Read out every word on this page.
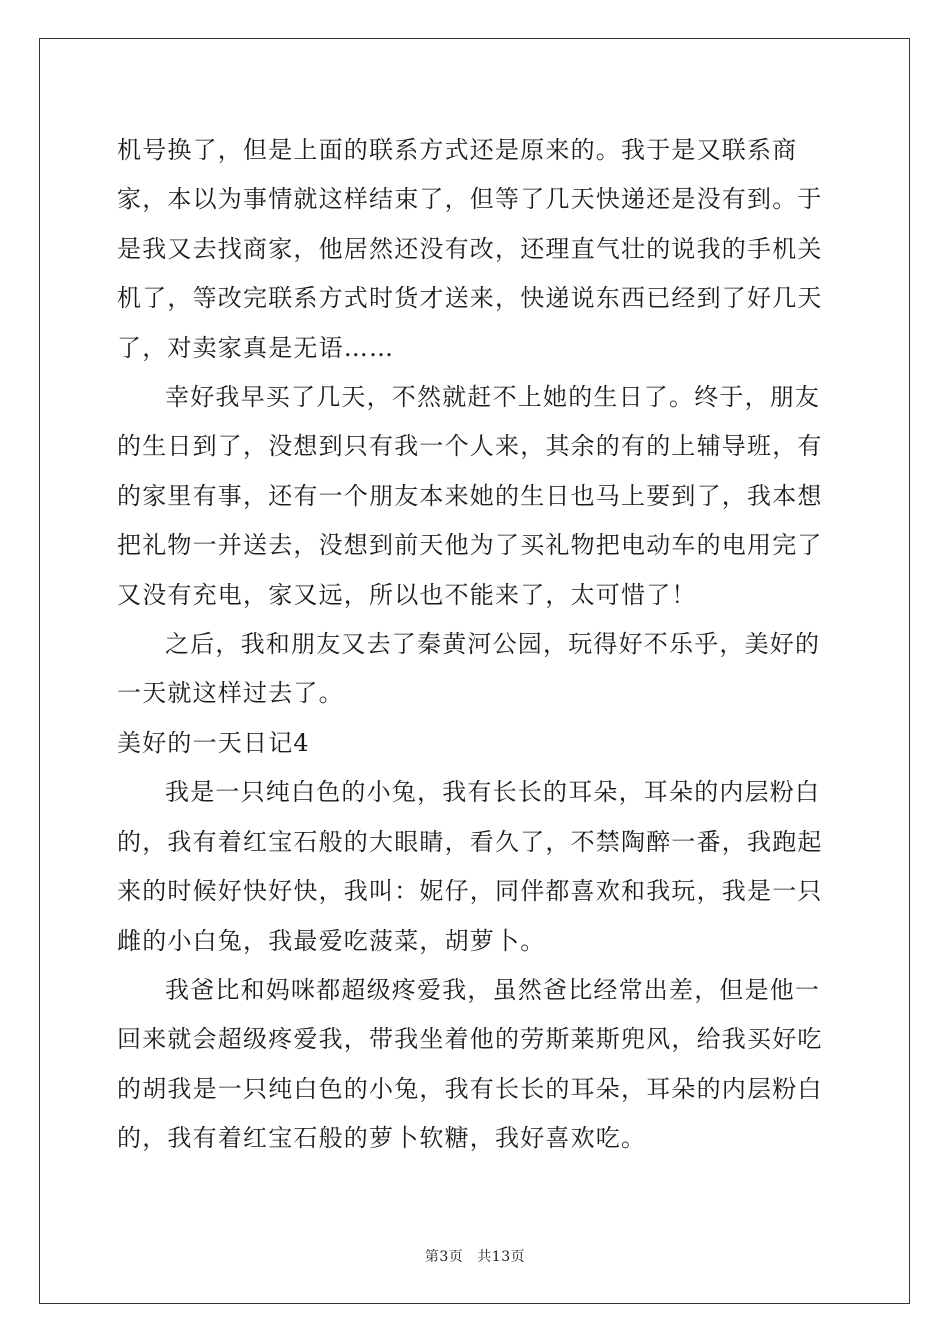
机号换了，但是上面的联系方式还是原来的。我于是又联系商家，本以为事情就这样结束了，但等了几天快递还是没有到。于是我又去找商家，他居然还没有改，还理直气壮的说我的手机关机了，等改完联系方式时货才送来，快递说东西已经到了好几天了，对卖家真是无语……

幸好我早买了几天，不然就赶不上她的生日了。终于，朋友的生日到了，没想到只有我一个人来，其余的有的上辅导班，有的家里有事，还有一个朋友本来她的生日也马上要到了，我本想把礼物一并送去，没想到前天他为了买礼物把电动车的电用完了又没有充电，家又远，所以也不能来了，太可惜了！

之后，我和朋友又去了秦黄河公园，玩得好不乐乎，美好的一天就这样过去了。

美好的一天日记4

我是一只纯白色的小兔，我有长长的耳朵，耳朵的内层粉白的，我有着红宝石般的大眼睛，看久了，不禁陶醉一番，我跑起来的时候好快好快，我叫：妮仔，同伴都喜欢和我玩，我是一只雌的小白兔，我最爱吃菠菜，胡萝卜。

我爸比和妈咪都超级疼爱我，虽然爸比经常出差，但是他一回来就会超级疼爱我，带我坐着他的劳斯莱斯兜风，给我买好吃的胡我是一只纯白色的小兔，我有长长的耳朵，耳朵的内层粉白的，我有着红宝石般的萝卜软糖，我好喜欢吃。

第3页 共13页
